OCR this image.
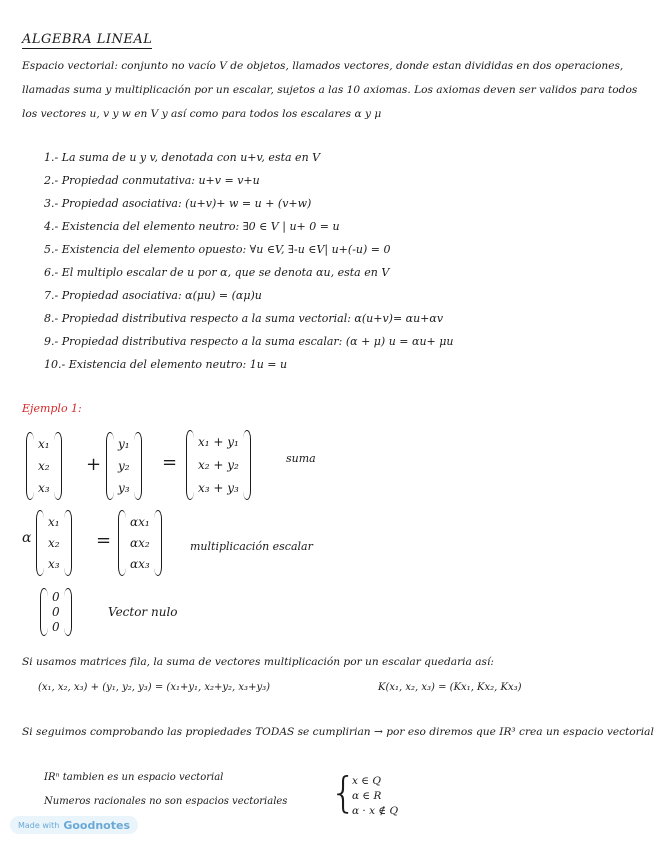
ALGEBRA LINEAL
Espacio vectorial: conjunto no vacío V de objetos, llamados vectores, donde estan divididas en dos operaciones, llamadas suma y multiplicación por un escalar, sujetos a las 10 axiomas. Los axiomas deven ser validos para todos los vectores u, v y w en V y así como para todos los escalares α y μ
1.- La suma de u y v, denotada con u+v, esta en V
2.- Propiedad conmutativa: u+v = v+u
3.- Propiedad asociativa: (u+v)+ w = u + (v+w)
4.- Existencia del elemento neutro: ∃0 ∈ V | u+ 0 = u
5.- Existencia del elemento opuesto: ∀u ∈V, ∃-u ∈V| u+(-u) = 0
6.- El multiplo escalar de u por α, que se denota αu, esta en V
7.- Propiedad asociativa: α(μu) = (αμ)u
8.- Propiedad distributiva respecto a la suma vectorial: α(u+v)= αu+αv
9.- Propiedad distributiva respecto a la suma escalar: (α + μ) u = αu+ μu
10.- Existencia del elemento neutro: 1u = u
Ejemplo 1:
x₁
x₂
x₃
+
y₁
y₂
y₃
=
x₁ + y₁
x₂ + y₂
x₃ + y₃
suma
α
x₁
x₂
x₃
=
αx₁
αx₂
αx₃
multiplicación escalar
0
0
0
Vector nulo
Si usamos matrices fila, la suma de vectores multiplicación por un escalar quedaria así:
(x₁, x₂, x₃) + (y₁, y₂, y₃) = (x₁+y₁, x₂+y₂, x₃+y₃)	K(x₁, x₂, x₃) = (Kx₁, Kx₂, Kx₃)
Si seguimos comprobando las propiedades TODAS se cumplirian → por eso diremos que IR³ crea un espacio vectorial
IRⁿ tambien es un espacio vectorial
Numeros racionales no son espacios vectoriales {
x ∈ Q
α ∈ R
α · x ∉ Q
Made with Goodnotes
